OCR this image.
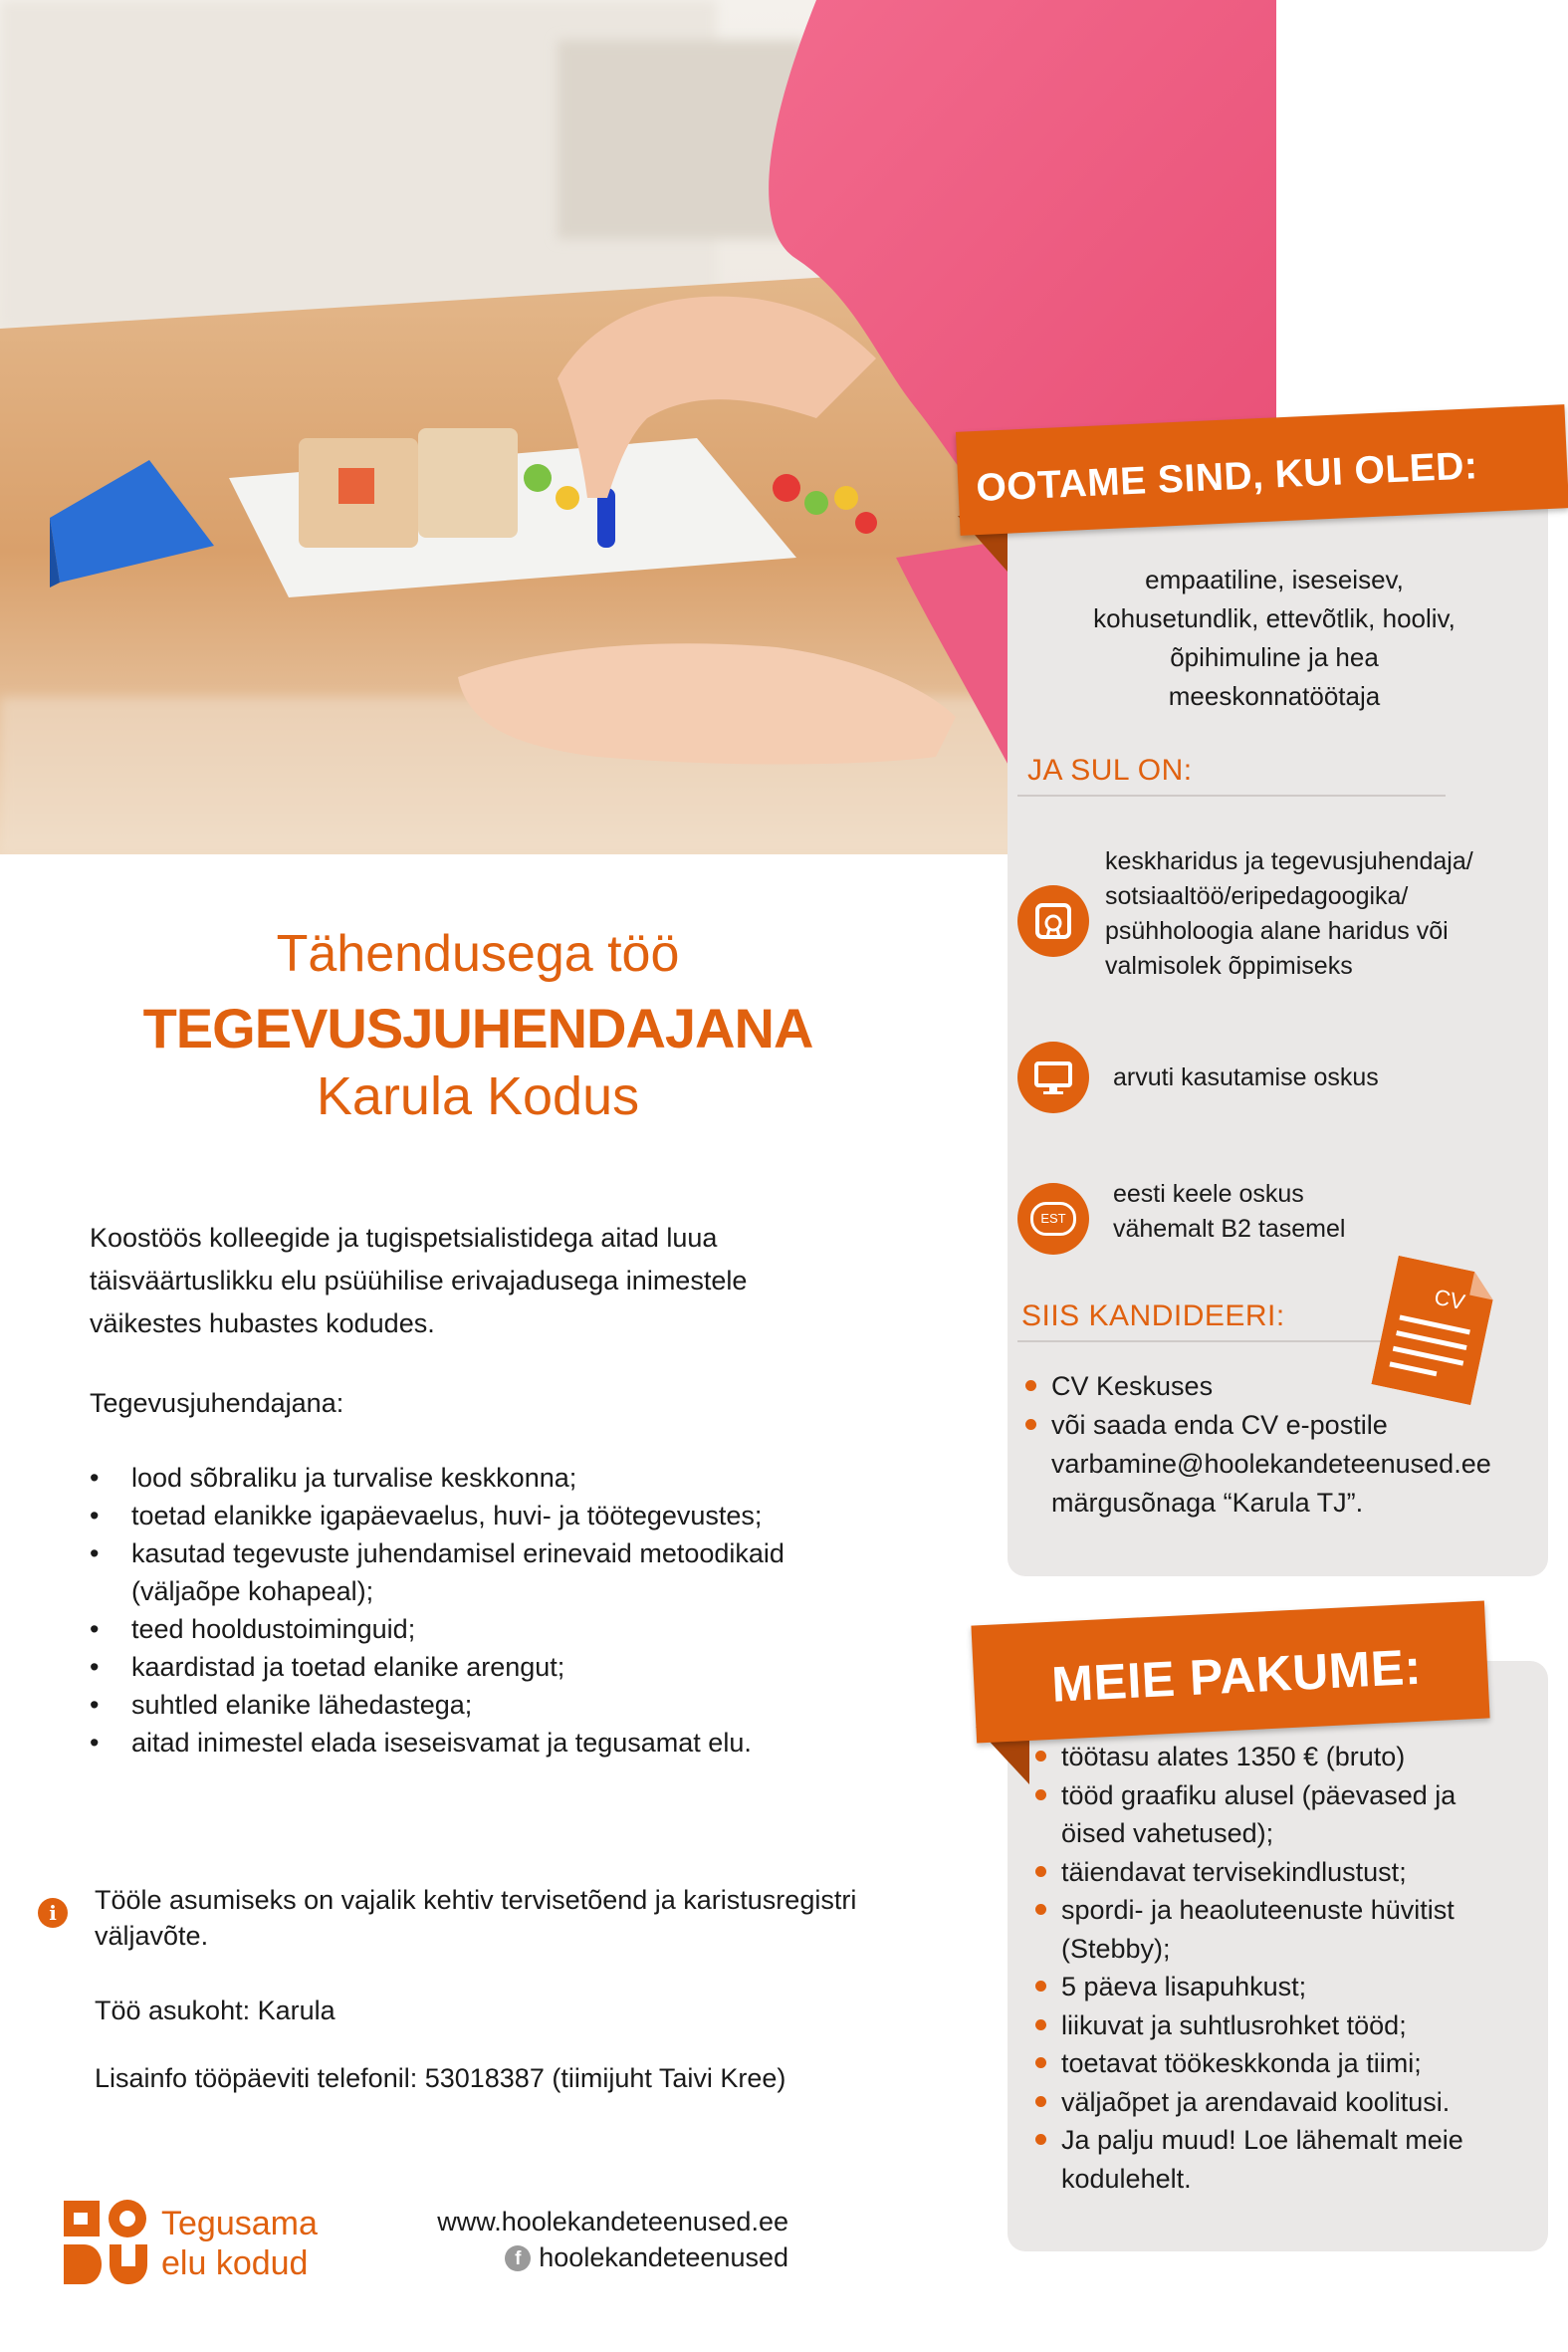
OOTAME SIND, KUI OLED:
empaatiline, iseseisev,
kohusetundlik, ettevõtlik, hooliv,
õpihimuline ja hea
meeskonnatöötaja
JA SUL ON:
keskharidus ja tegevusjuhendaja/
sotsiaaltöö/eripedagoogika/
psühholoogia alane haridus või
valmisolek õppimiseks
arvuti kasutamise oskus
EST
eesti keele oskus
vähemalt B2 tasemel
SIIS KANDIDEERI:
CV
CV Keskuses
või saada enda CV e-postile varbamine@hoolekandeteenused.ee märgusõnaga “Karula TJ”.
MEIE PAKUME:
töötasu alates 1350 € (bruto)
tööd graafiku alusel (päevased ja öised vahetused);
täiendavat tervisekindlustust;
spordi- ja heaoluteenuste hüvitist (Stebby);
5 päeva lisapuhkust;
liikuvat ja suhtlusrohket tööd;
toetavat töökeskkonda ja tiimi;
väljaõpet ja arendavaid koolitusi.
Ja palju muud! Loe lähemalt meie kodulehelt.
Tähendusega töö
TEGEVUSJUHENDAJANA
Karula Kodus
Koostöös kolleegide ja tugispetsialistidega aitad luua täisväärtuslikku elu psüühilise erivajadusega inimestele väikestes hubastes kodudes.
Tegevusjuhendajana:
• lood sõbraliku ja turvalise keskkonna;
• toetad elanikke igapäevaelus, huvi- ja töötegevustes;
• kasutad tegevuste juhendamisel erinevaid metoodikaid (väljaõpe kohapeal);
• teed hooldustoiminguid;
• kaardistad ja toetad elanike arengut;
• suhtled elanike lähedastega;
• aitad inimestel elada iseseisvamat ja tegusamat elu.
i	Tööle asumiseks on vajalik kehtiv tervisetõend ja karistusregistri väljavõte.
Töö asukoht: Karula
Lisainfo tööpäeviti telefonil: 53018387 (tiimijuht Taivi Kree)
Tegusama
elu kodud
www.hoolekandeteenused.ee
f hoolekandeteenused
